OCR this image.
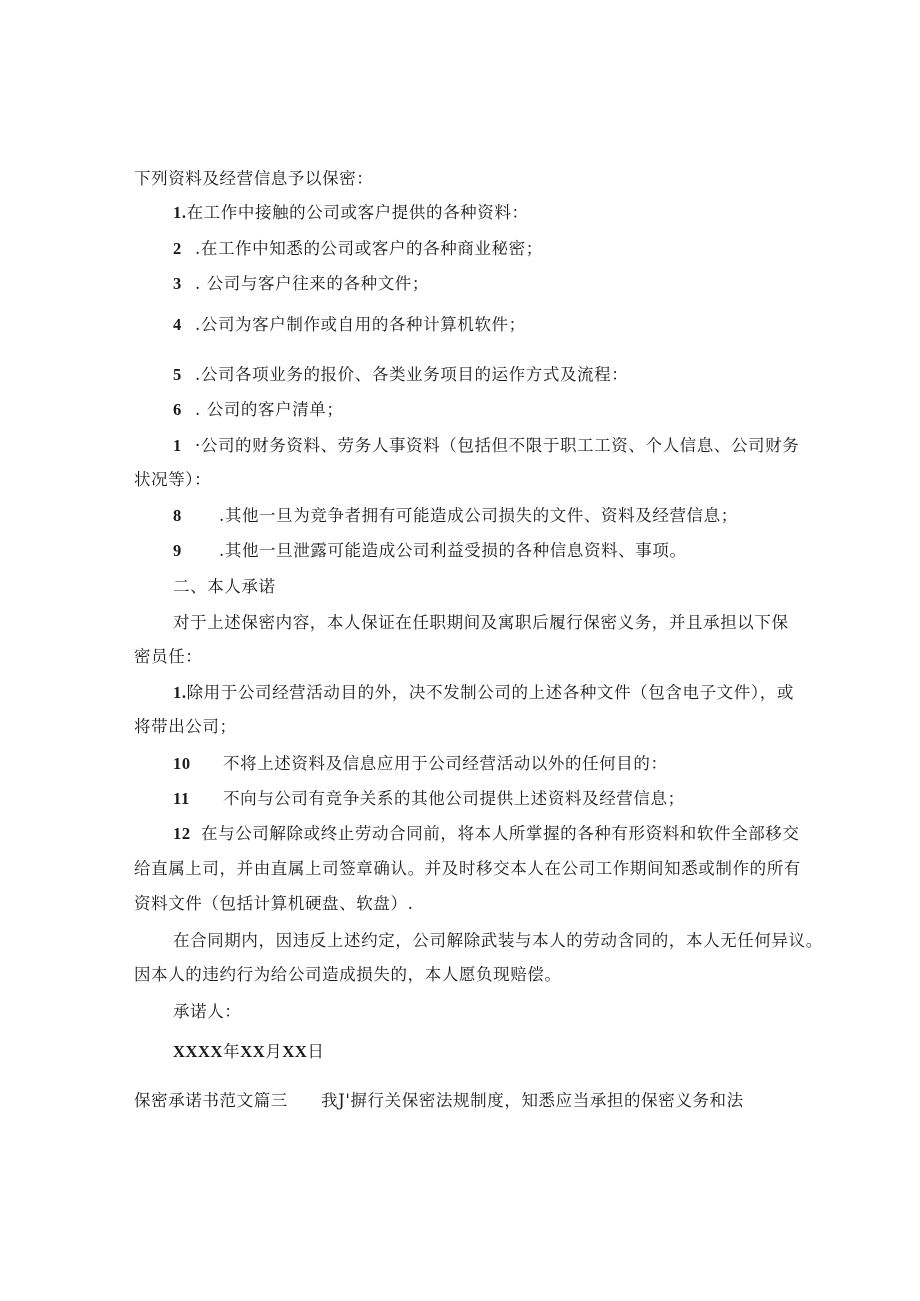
下列资料及经营信息予以保密：
1.在工作中接触的公司或客户提供的各种资料：
2 .在工作中知悉的公司或客户的各种商业秘密；
3 . 公司与客户往来的各种文件；
4 .公司为客户制作或自用的各种计算机软件；
5 .公司各项业务的报价、各类业务项目的运作方式及流程：
6 . 公司的客户清单；
1 ·公司的财务资料、劳务人事资料（包括但不限于职工工资、个人信息、公司财务
状况等）：
8 .其他一旦为竞争者拥有可能造成公司损失的文件、资料及经营信息；
9 .其他一旦泄露可能造成公司利益受损的各种信息资料、事项。
二、本人承诺
对于上述保密内容，本人保证在任职期间及寓职后履行保密义务，并且承担以下保
密员任：
1.除用于公司经营活动目的外，决不发制公司的上述各种文件（包含电子文件），或
将带出公司；
10 不将上述资料及信息应用于公司经营活动以外的任何目的：
11 不向与公司有竞争关系的其他公司提供上述资料及经营信息；
12 在与公司解除或终止劳动合同前，将本人所掌握的各种有形资料和软件全部移交
给直属上司，并由直属上司签章确认。并及时移交本人在公司工作期间知悉或制作的所有
资料文件（包括计算机硬盘、软盘）.
在合同期内，因违反上述约定，公司解除武装与本人的劳动含同的，本人无任何异议。
因本人的违约行为给公司造成损失的，本人愿负现赔偿。
承诺人：
XXXX年XX月XX日
保密承诺书范文篇三 我J'摒行关保密法规制度，知悉应当承担的保密义务和法
